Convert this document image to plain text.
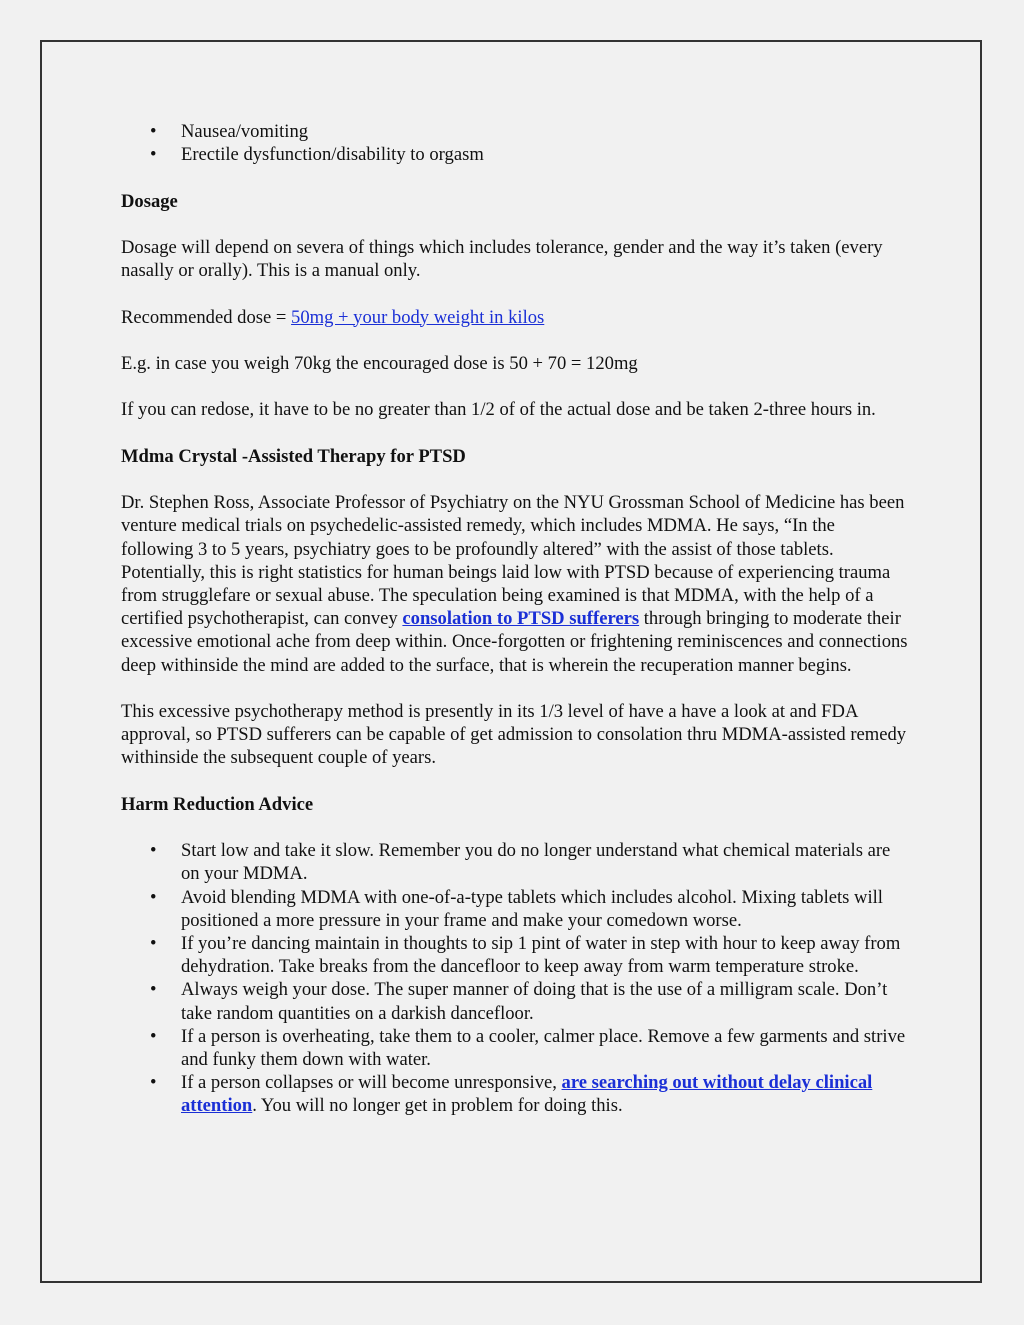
• Nausea/vomiting
• Erectile dysfunction/disability to orgasm

Dosage

Dosage will depend on severa of things which includes tolerance, gender and the way it’s taken (every nasally or orally). This is a manual only.

Recommended dose = 50mg + your body weight in kilos

E.g. in case you weigh 70kg the encouraged dose is 50 + 70 = 120mg

If you can redose, it have to be no greater than 1/2 of of the actual dose and be taken 2-three hours in.

Mdma Crystal -Assisted Therapy for PTSD

Dr. Stephen Ross, Associate Professor of Psychiatry on the NYU Grossman School of Medicine has been venture medical trials on psychedelic-assisted remedy, which includes MDMA. He says, “In the following 3 to 5 years, psychiatry goes to be profoundly altered” with the assist of those tablets. Potentially, this is right statistics for human beings laid low with PTSD because of experiencing trauma from strugglefare or sexual abuse. The speculation being examined is that MDMA, with the help of a certified psychotherapist, can convey consolation to PTSD sufferers through bringing to moderate their excessive emotional ache from deep within. Once-forgotten or frightening reminiscences and connections deep withinside the mind are added to the surface, that is wherein the recuperation manner begins.

This excessive psychotherapy method is presently in its 1/3 level of have a have a look at and FDA approval, so PTSD sufferers can be capable of get admission to consolation thru MDMA-assisted remedy withinside the subsequent couple of years.

Harm Reduction Advice

• Start low and take it slow. Remember you do no longer understand what chemical materials are on your MDMA.
• Avoid blending MDMA with one-of-a-type tablets which includes alcohol. Mixing tablets will positioned a more pressure in your frame and make your comedown worse.
• If you’re dancing maintain in thoughts to sip 1 pint of water in step with hour to keep away from dehydration. Take breaks from the dancefloor to keep away from warm temperature stroke.
• Always weigh your dose. The super manner of doing that is the use of a milligram scale. Don’t take random quantities on a darkish dancefloor.
• If a person is overheating, take them to a cooler, calmer place. Remove a few garments and strive and funky them down with water.
• If a person collapses or will become unresponsive, are searching out without delay clinical attention. You will no longer get in problem for doing this.
